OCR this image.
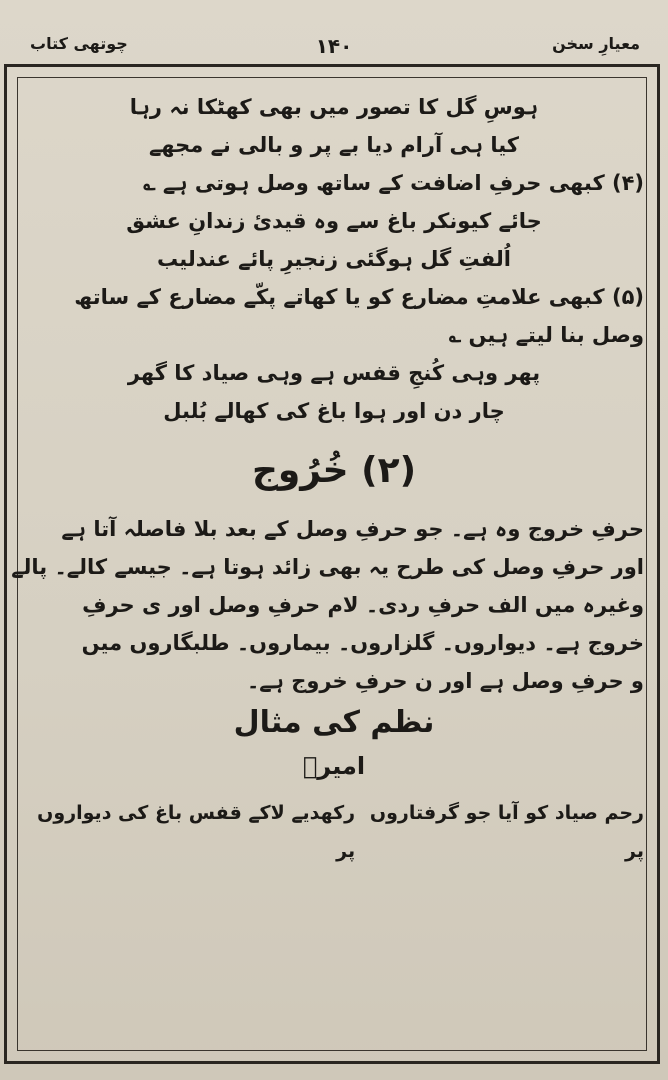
چوتھی کتاب	۱۴۰	معیارِ سخن
ہوسِ گل کا تصور میں بھی کھٹکا نہ رہا
کیا ہی آرام دیا بے پر و بالی نے مجھے
(۴) کبھی حرفِ اضافت کے ساتھ وصل ہوتی ہے ؎
جائے کیونکر باغ سے وہ قیدیٔ زندانِ عشق
اُلفتِ گل ہوگئی زنجیرِ پائے عندلیب
(۵) کبھی علامتِ مضارع کو یا کھاتے پکّے مضارع کے ساتھ
وصل بنا لیتے ہیں ؎
پھر وہی کُنجِ قفس ہے وہی صیاد کا گھر
چار دن اور ہوا باغ کی کھالے بُلبل
(۲) خُرُوج
حرفِ خروج وہ ہے۔ جو حرفِ وصل کے بعد بلا فاصلہ آتا ہے
اور حرفِ وصل کی طرح یہ بھی زائد ہوتا ہے۔ جیسے کالے۔ پالے
وغیرہ میں الف حرفِ ردی۔ لام حرفِ وصل اور ی حرفِ
خروج ہے۔ دیواروں۔ گلزاروں۔ بیماروں۔ طلبگاروں میں
و حرفِ وصل ہے اور ن حرفِ خروج ہے۔
نظم کی مثال
امیرؔ
رحم صیاد کو آیا جو گرفتاروں پر
رکھدیے لاکے قفس باغ کی دیواروں پر
